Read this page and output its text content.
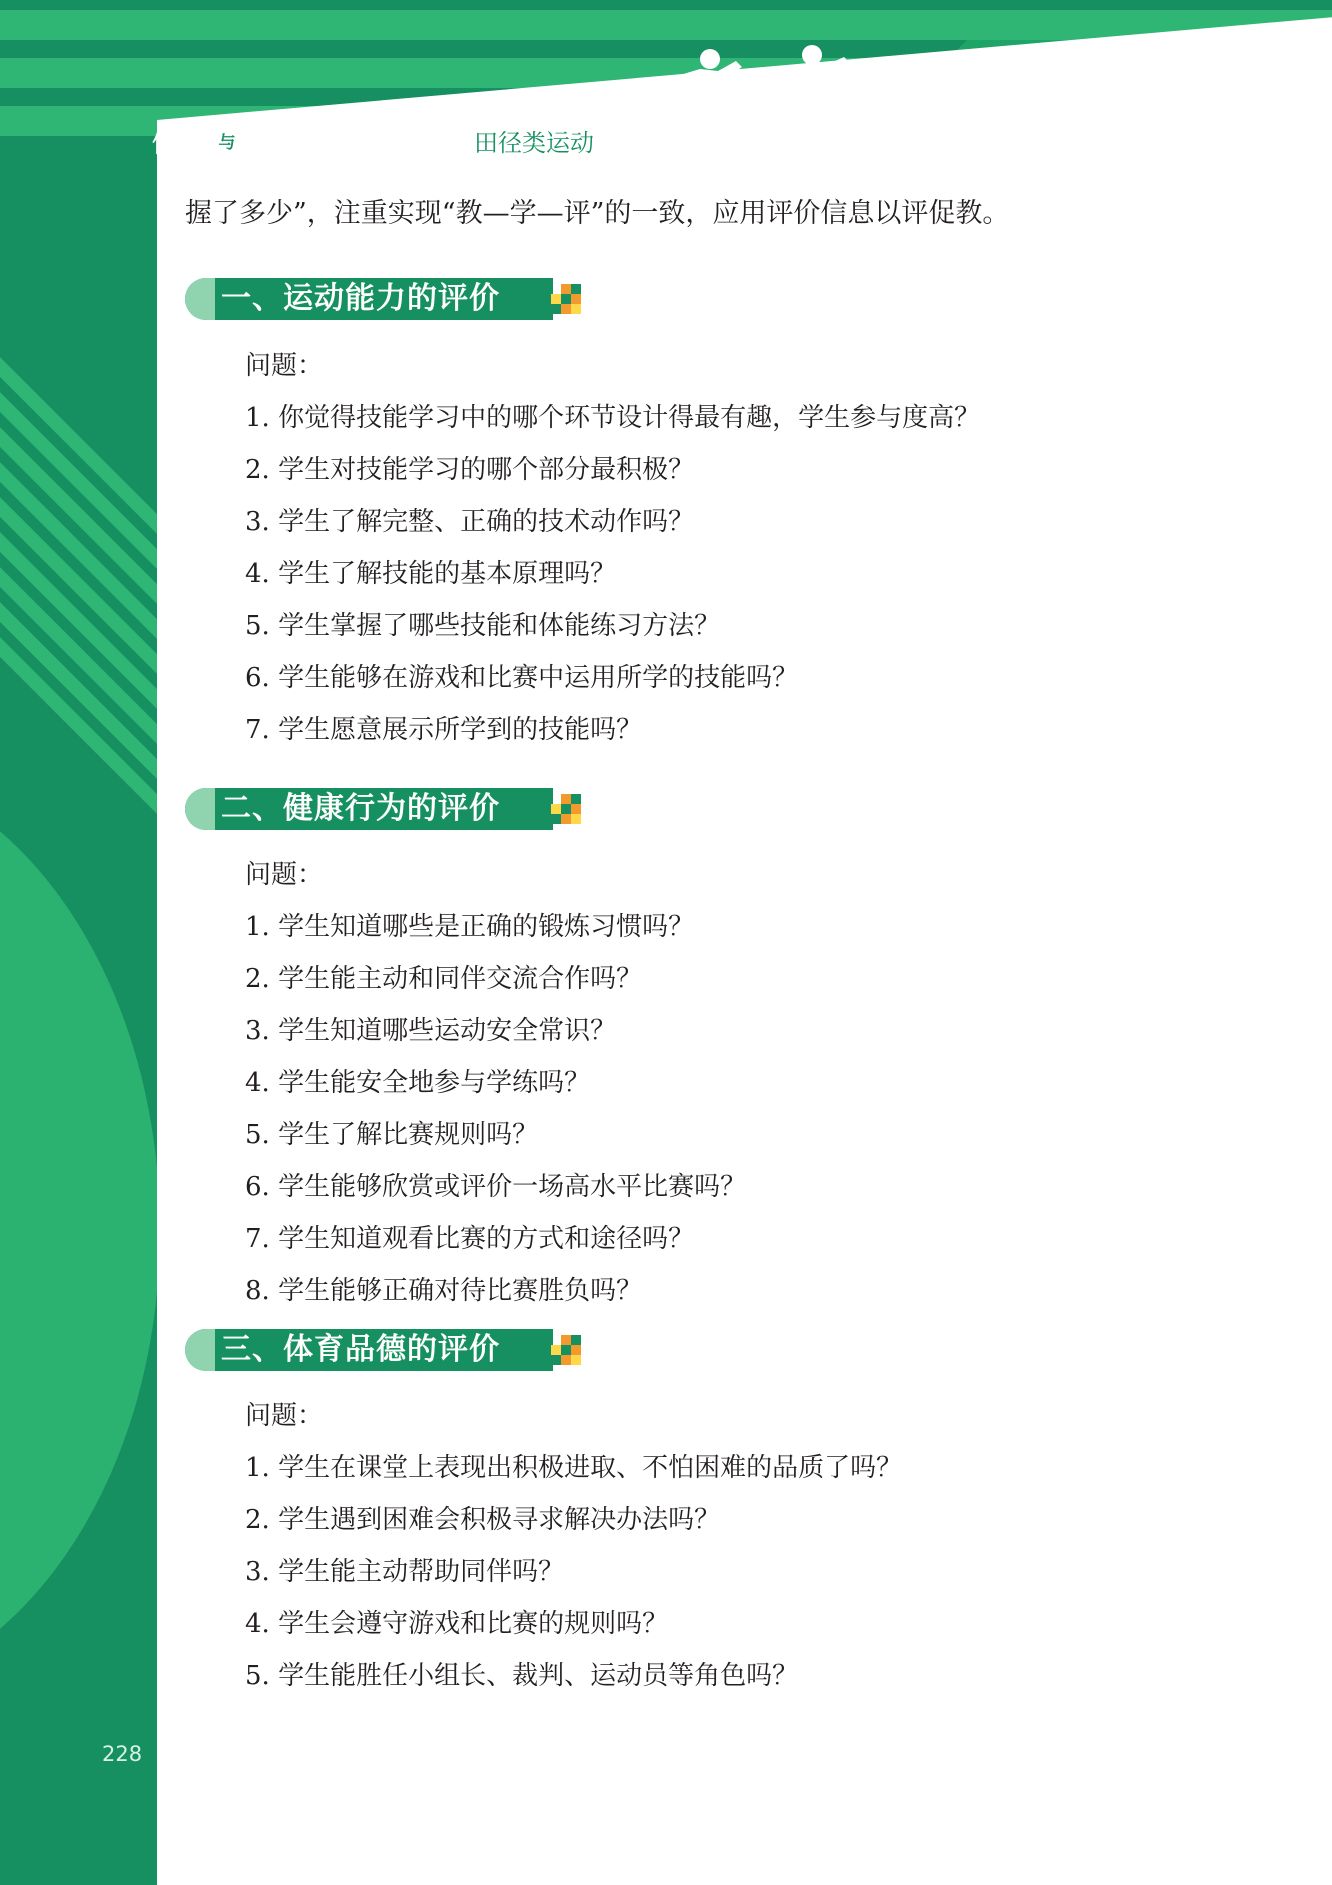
体育 与 健康 教师用书	田径类运动
握了多少”，注重实现“教—学—评”的一致，应用评价信息以评促教。
一、运动能力的评价
问题：
1. 你觉得技能学习中的哪个环节设计得最有趣，学生参与度高？
2. 学生对技能学习的哪个部分最积极？
3. 学生了解完整、正确的技术动作吗？
4. 学生了解技能的基本原理吗？
5. 学生掌握了哪些技能和体能练习方法？
6. 学生能够在游戏和比赛中运用所学的技能吗？
7. 学生愿意展示所学到的技能吗？
二、健康行为的评价
问题：
1. 学生知道哪些是正确的锻炼习惯吗？
2. 学生能主动和同伴交流合作吗？
3. 学生知道哪些运动安全常识？
4. 学生能安全地参与学练吗？
5. 学生了解比赛规则吗？
6. 学生能够欣赏或评价一场高水平比赛吗？
7. 学生知道观看比赛的方式和途径吗？
8. 学生能够正确对待比赛胜负吗？
三、体育品德的评价
问题：
1. 学生在课堂上表现出积极进取、不怕困难的品质了吗？
2. 学生遇到困难会积极寻求解决办法吗？
3. 学生能主动帮助同伴吗？
4. 学生会遵守游戏和比赛的规则吗？
5. 学生能胜任小组长、裁判、运动员等角色吗？
228
